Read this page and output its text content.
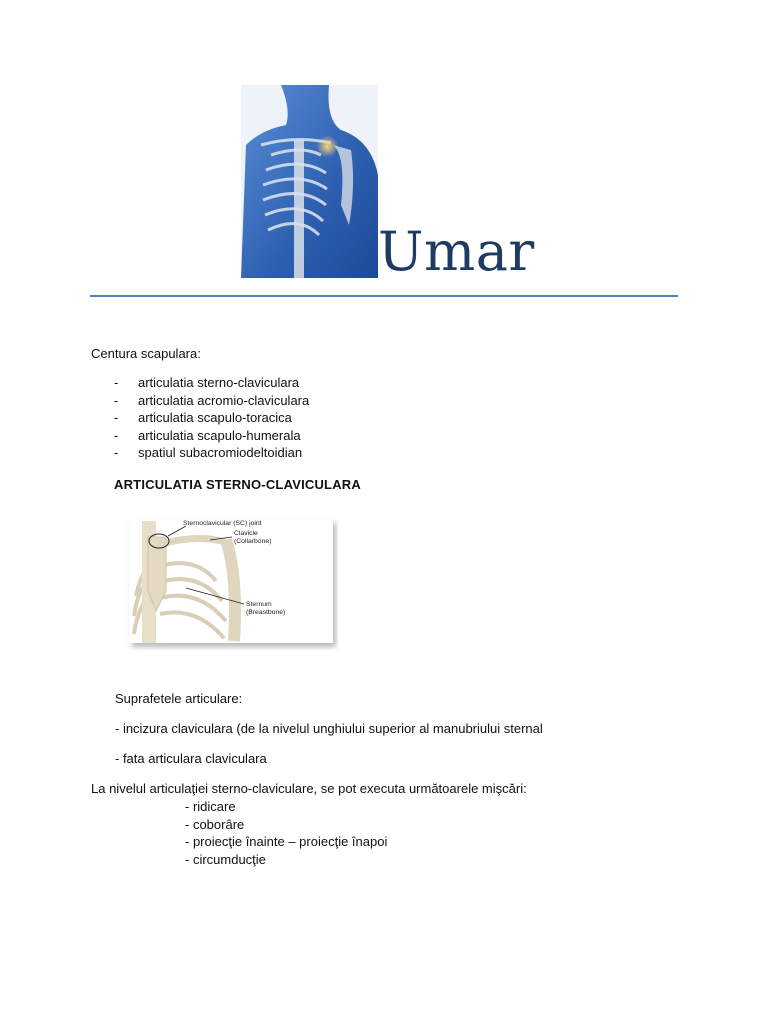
Umar
Centura scapulara:
-	articulatia sterno-claviculara
-	articulatia acromio-claviculara
-	articulatia scapulo-toracica
-	articulatia scapulo-humerala
-	spatiul subacromiodeltoidian
ARTICULATIA STERNO-CLAVICULARA
Sternoclavicular (SC) joint
Clavicle
(Collarbone)
Sternum
(Breastbone)
Suprafetele articulare:
- incizura claviculara (de la nivelul unghiului superior al manubriului sternal
- fata articulara claviculara
La nivelul articulaţiei sterno-claviculare, se pot executa următoarele mişcări:
- ridicare
- coborâre
- proiecţie înainte – proiecţie înapoi
- circumducţie
